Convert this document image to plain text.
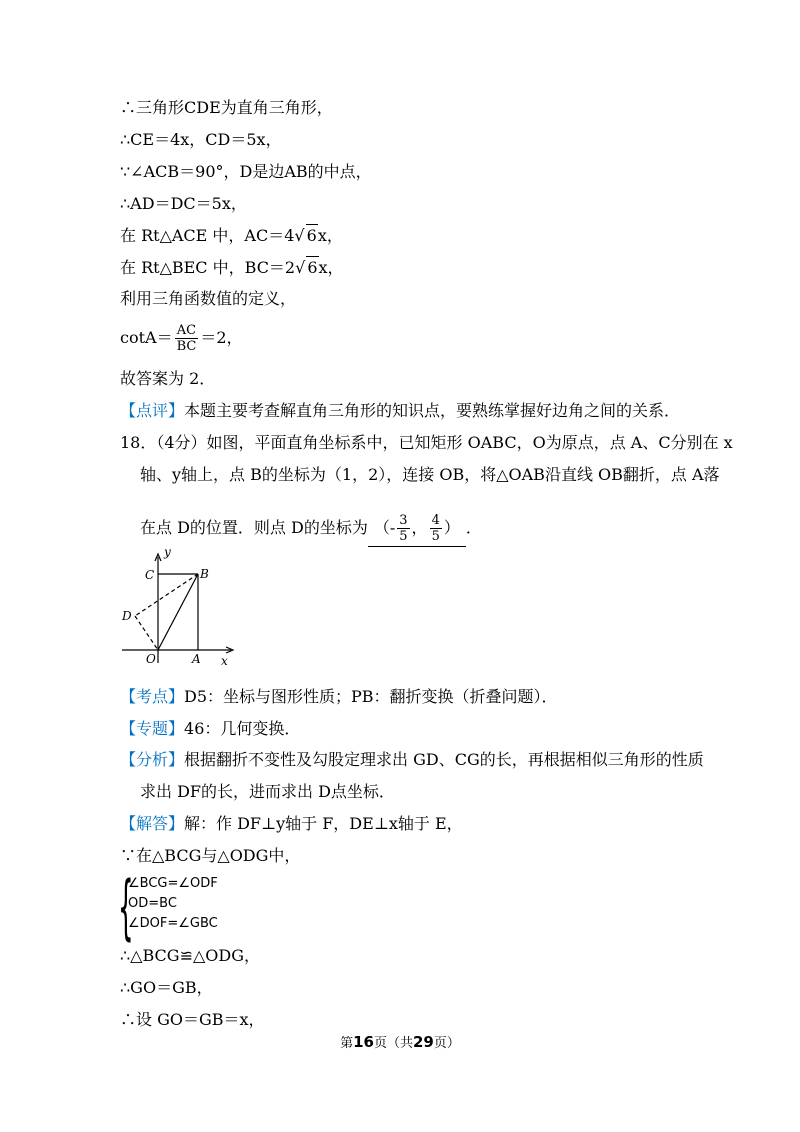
∴三角形CDE为直角三角形，
∴CE＝4x，CD＝5x，
∵∠ACB＝90°，D是边AB的中点，
∴AD＝DC＝5x，
在 Rt△ACE 中，AC＝4√ 6x，
在 Rt△BEC 中，BC＝2√ 6x，
利用三角函数值的定义，
$\cot A= \frac{AC}{BC} =2$，
故答案为 2．
【点评】本题主要考查解直角三角形的知识点，要熟练掌握好边角之间的关系．
18．（4分）如图，平面直角坐标系中，已知矩形 OABC，O为原点，点 A、C分别在 x
轴、y轴上，点 B的坐标为（1，2），连接 OB，将△OAB沿直线 OB翻折，点 A落
在点 D的位置．则点 D的坐标为 （- $\frac{3}{5}$ ， $\frac{4}{5}$ ） ．
y
x
C	B
D
O	A
【考点】D5：坐标与图形性质；PB：翻折变换（折叠问题）．
【专题】46：几何变换．
【分析】根据翻折不变性及勾股定理求出 GD、CG的长，再根据相似三角形的性质
求出 DF的长，进而求出 D点坐标．
【解答】解：作 DF⊥y轴于 F，DE⊥x轴于 E，
∵在△BCG与△ODG中，
{
∠BCG=∠ODF
OD=BC
∠DOF=∠GBC
∴△BCG≌△ODG，
∴GO＝GB，
∴设 GO＝GB＝x，
第16页（共29页）
